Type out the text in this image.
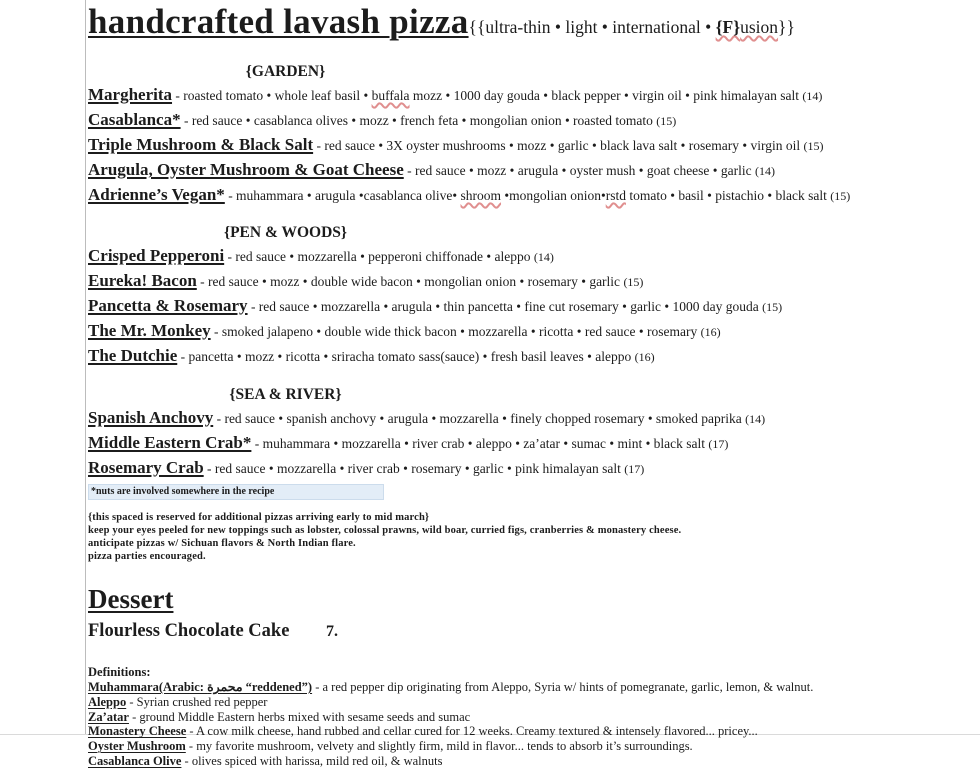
handcrafted lavash pizza {{ultra-thin • light • international • {F}usion}}
{GARDEN}
Margherita - roasted tomato • whole leaf basil • buffala mozz • 1000 day gouda • black pepper • virgin oil • pink himalayan salt (14)
Casablanca* - red sauce • casablanca olives • mozz • french feta • mongolian onion • roasted tomato (15)
Triple Mushroom & Black Salt - red sauce • 3X oyster mushrooms • mozz • garlic • black lava salt • rosemary • virgin oil (15)
Arugula, Oyster Mushroom & Goat Cheese - red sauce • mozz • arugula • oyster mush • goat cheese • garlic (14)
Adrienne’s Vegan* - muhammara • arugula •casablanca olive• shroom •mongolian onion•rstd tomato • basil • pistachio • black salt (15)
{PEN & WOODS}
Crisped Pepperoni - red sauce • mozzarella • pepperoni chiffonade • aleppo (14)
Eureka! Bacon - red sauce • mozz • double wide bacon • mongolian onion • rosemary • garlic (15)
Pancetta & Rosemary - red sauce • mozzarella • arugula • thin pancetta • fine cut rosemary • garlic • 1000 day gouda (15)
The Mr. Monkey - smoked jalapeno • double wide thick bacon • mozzarella • ricotta • red sauce • rosemary (16)
The Dutchie - pancetta • mozz • ricotta • sriracha tomato sass(sauce) • fresh basil leaves • aleppo (16)
{SEA & RIVER}
Spanish Anchovy - red sauce • spanish anchovy • arugula • mozzarella • finely chopped rosemary • smoked paprika (14)
Middle Eastern Crab* - muhammara • mozzarella • river crab • aleppo • za’atar • sumac • mint • black salt (17)
Rosemary Crab - red sauce • mozzarella • river crab • rosemary • garlic • pink himalayan salt (17)
*nuts are involved somewhere in the recipe
{this spaced is reserved for additional pizzas arriving early to mid march}
keep your eyes peeled for new toppings such as lobster, colossal prawns, wild boar, curried figs, cranberries & monastery cheese.
anticipate pizzas w/ Sichuan flavors & North Indian flare.
pizza parties encouraged.
Dessert
Flourless Chocolate Cake 7.
Definitions:
Muhammara(Arabic: محمرة “reddened”) - a red pepper dip originating from Aleppo, Syria w/ hints of pomegranate, garlic, lemon, & walnut.
Aleppo - Syrian crushed red pepper
Za’atar - ground Middle Eastern herbs mixed with sesame seeds and sumac
Monastery Cheese - A cow milk cheese, hand rubbed and cellar cured for 12 weeks. Creamy textured & intensely flavored... pricey...
Oyster Mushroom - my favorite mushroom, velvety and slightly firm, mild in flavor... tends to absorb it’s surroundings.
Casablanca Olive - olives spiced with harissa, mild red oil, & walnuts
